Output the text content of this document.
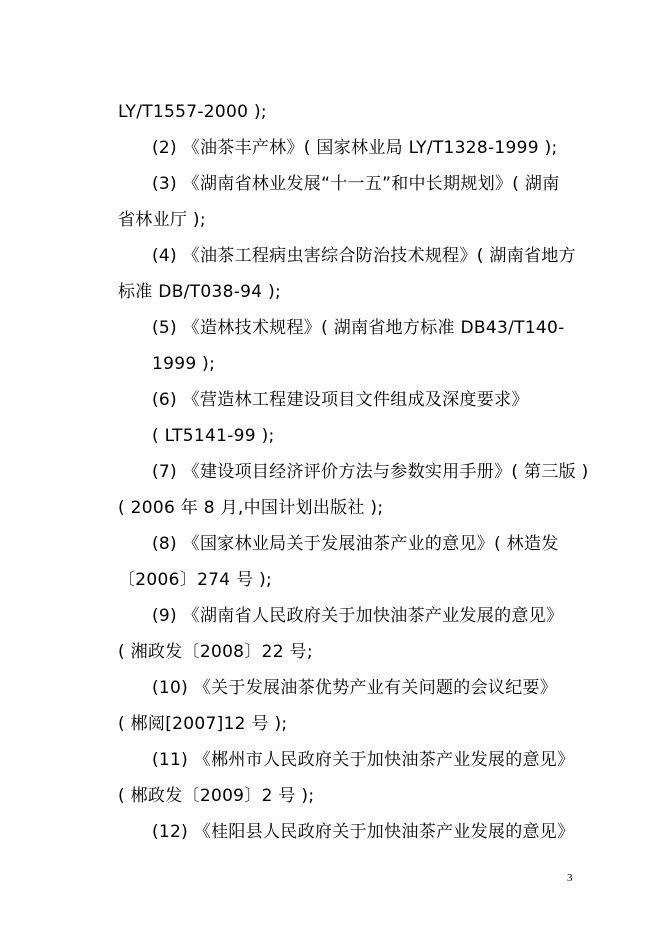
LY/T1557-2000 );
(2) 《油茶丰产林》( 国家林业局 LY/T1328-1999 );
(3) 《湖南省林业发展“十一五”和中长期规划》( 湖南
省林业厅 );
(4) 《油茶工程病虫害综合防治技术规程》( 湖南省地方
标准 DB/T038-94 );
(5) 《造林技术规程》( 湖南省地方标准 DB43/T140-
1999 );
(6) 《营造林工程建设项目文件组成及深度要求》
( LT5141-99 );
(7) 《建设项目经济评价方法与参数实用手册》( 第三版 )
( 2006 年 8 月,中国计划出版社 );
(8) 《国家林业局关于发展油茶产业的意见》( 林造发
〔2006〕274 号 );
(9) 《湖南省人民政府关于加快油茶产业发展的意见》
( 湘政发〔2008〕22 号;
(10) 《关于发展油茶优势产业有关问题的会议纪要》
( 郴阅[2007]12 号 );
(11) 《郴州市人民政府关于加快油茶产业发展的意见》
( 郴政发〔2009〕2 号 );
(12) 《桂阳县人民政府关于加快油茶产业发展的意见》
3
